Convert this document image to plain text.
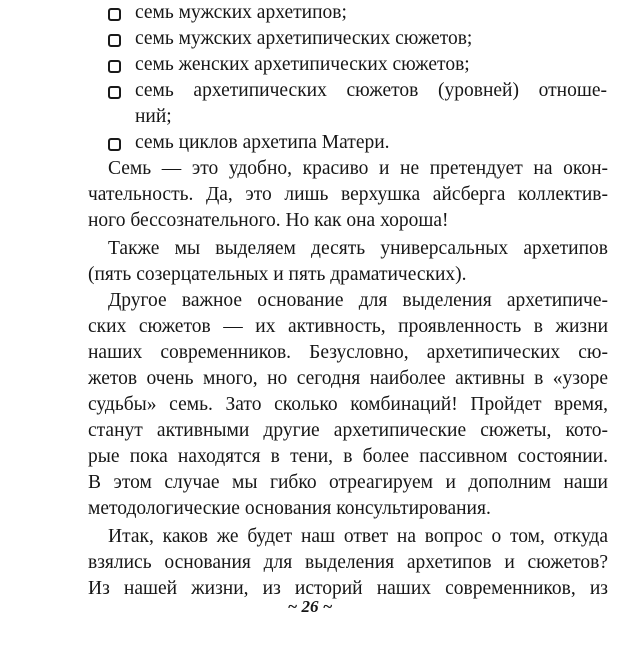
семь мужских архетипов;
семь мужских архетипических сюжетов;
семь женских архетипических сюжетов;
семь архетипических сюжетов (уровней) отноше-
ний;
семь циклов архетипа Матери.
Семь — это удобно, красиво и не претендует на окон-
чательность. Да, это лишь верхушка айсберга коллектив-
ного бессознательного. Но как она хороша!
Также мы выделяем десять универсальных архетипов
(пять созерцательных и пять драматических).
Другое важное основание для выделения архетипиче-
ских сюжетов — их активность, проявленность в жизни
наших современников. Безусловно, архетипических сю-
жетов очень много, но сегодня наиболее активны в «узоре
судьбы» семь. Зато сколько комбинаций! Пройдет время,
станут активными другие архетипические сюжеты, кото-
рые пока находятся в тени, в более пассивном состоянии.
В этом случае мы гибко отреагируем и дополним наши
методологические основания консультирования.
Итак, каков же будет наш ответ на вопрос о том, откуда
взялись основания для выделения архетипов и сюжетов?
Из нашей жизни, из историй наших современников, из
~ 26 ~
